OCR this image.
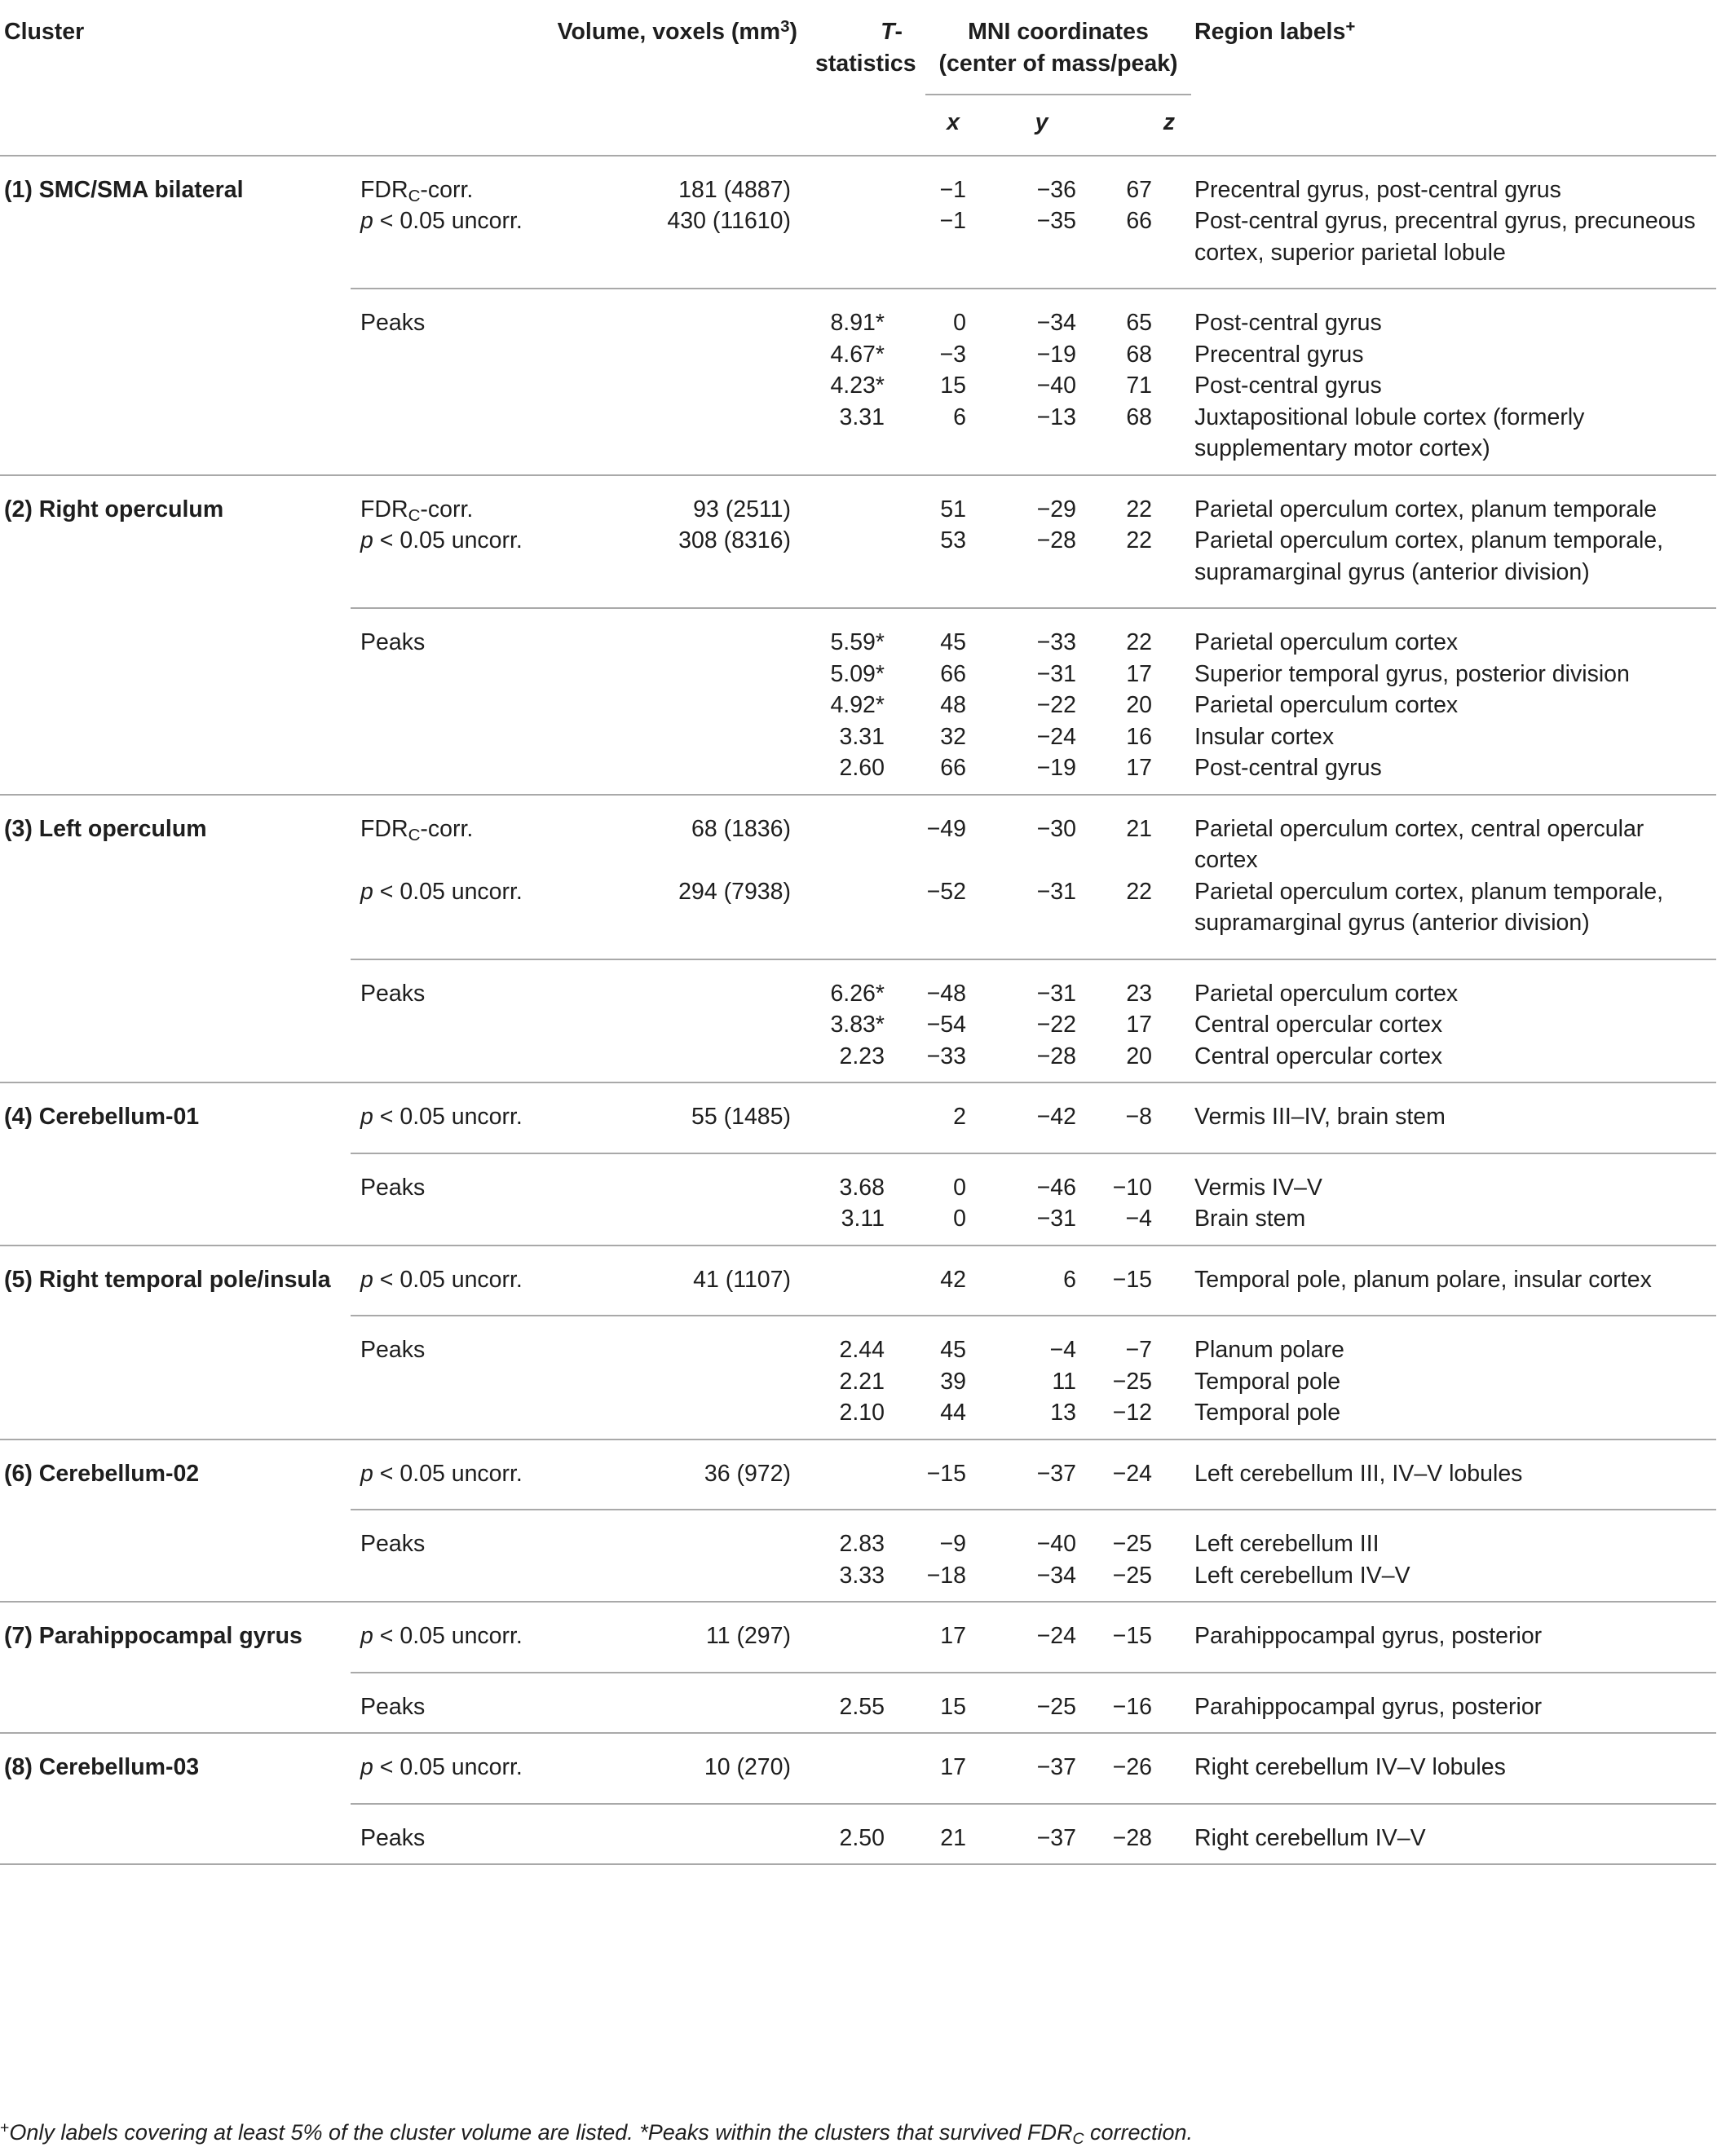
Cluster	Volume, voxels $(mm^3)$		T-statistics	MNI coordinates
(center of mass/peak)			Region labels+
				x	y	z	
(1) SMC/SMA bilateral	$FDR_C$-corr.	181 (4887)		−1	−36	67	Precentral gyrus, post-central gyrus
	p < 0.05 uncorr.	430 (11610)		−1	−35	66	Post-central gyrus, precentral gyrus, precuneous cortex, superior parietal lobule
	Peaks		8.91*	0	−34	65	Post-central gyrus
			4.67*	−3	−19	68	Precentral gyrus
			4.23*	15	−40	71	Post-central gyrus
			3.31	6	−13	68	Juxtapositional lobule cortex (formerly supplementary motor cortex)
(2) Right operculum	$FDR_C$-corr.	93 (2511)		51	−29	22	Parietal operculum cortex, planum temporale
	p < 0.05 uncorr.	308 (8316)		53	−28	22	Parietal operculum cortex, planum temporale, supramarginal gyrus (anterior division)
	Peaks		5.59*	45	−33	22	Parietal operculum cortex
			5.09*	66	−31	17	Superior temporal gyrus, posterior division
			4.92*	48	−22	20	Parietal operculum cortex
			3.31	32	−24	16	Insular cortex
			2.60	66	−19	17	Post-central gyrus
(3) Left operculum	$FDR_C$-corr.	68 (1836)		−49	−30	21	Parietal operculum cortex, central opercular cortex
	p < 0.05 uncorr.	294 (7938)		−52	−31	22	Parietal operculum cortex, planum temporale, supramarginal gyrus (anterior division)
	Peaks		6.26*	−48	−31	23	Parietal operculum cortex
			3.83*	−54	−22	17	Central opercular cortex
			2.23	−33	−28	20	Central opercular cortex
(4) Cerebellum-01	p < 0.05 uncorr.	55 (1485)		2	−42	−8	Vermis III–IV, brain stem
	Peaks		3.68	0	−46	−10	Vermis IV–V
			3.11	0	−31	−4	Brain stem
(5) Right temporal pole/insula	p < 0.05 uncorr.	41 (1107)		42	6	−15	Temporal pole, planum polare, insular cortex
	Peaks		2.44	45	−4	−7	Planum polare
			2.21	39	11	−25	Temporal pole
			2.10	44	13	−12	Temporal pole
(6) Cerebellum-02	p < 0.05 uncorr.	36 (972)		−15	−37	−24	Left cerebellum III, IV–V lobules
	Peaks		2.83	−9	−40	−25	Left cerebellum III
			3.33	−18	−34	−25	Left cerebellum IV–V
(7) Parahippocampal gyrus	p < 0.05 uncorr.	11 (297)		17	−24	−15	Parahippocampal gyrus, posterior
	Peaks		2.55	15	−25	−16	Parahippocampal gyrus, posterior
(8) Cerebellum-03	p < 0.05 uncorr.	10 (270)		17	−37	−26	Right cerebellum IV–V lobules
	Peaks		2.50	21	−37	−28	Right cerebellum IV–V
+Only labels covering at least 5% of the cluster volume are listed. *Peaks within the clusters that survived $FDR_C$ correction.
